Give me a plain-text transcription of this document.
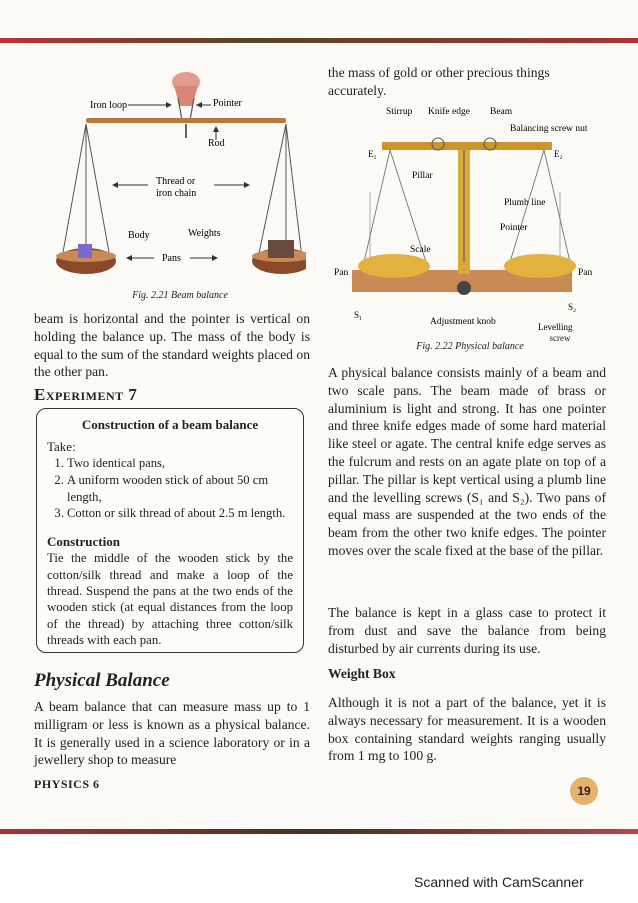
Iron loop	Pointer
Rod
Thread or
iron chain
Body	Weights
Pans

Fig. 2.21 Beam balance

beam is horizontal and the pointer is vertical on holding the balance up. The mass of the body is equal to the sum of the standard weights placed on the other pan.

Experiment 7

Construction of a beam balance
Take:
1. Two identical pans,
2. A uniform wooden stick of about 50 cm length,
3. Cotton or silk thread of about 2.5 m length.
Construction

Tie the middle of the wooden stick by the cotton/silk thread and make a loop of the thread. Suspend the pans at the two ends of the wooden stick (at equal distances from the loop of the thread) by attaching three cotton/silk threads with each pan.

Physical Balance

A beam balance that can measure mass up to 1 milligram or less is known as a physical balance. It is generally used in a science laboratory or in a jewellery shop to measure

PHYSICS 6

the mass of gold or other precious things accurately.

Stirrup Knife edge Beam
Balancing screw nut
E₁	E₂
Pillar
Plumb line
Pointer
Scale
Pan	Pan
S₁
S₂
Adjustment knob	Levelling

screw

Fig. 2.22 Physical balance

A physical balance consists mainly of a beam and two scale pans. The beam made of brass or aluminium is light and strong. It has one pointer and three knife edges made of some hard material like steel or agate. The central knife edge serves as the fulcrum and rests on an agate plate on top of a pillar. The pillar is kept vertical using a plumb line and the levelling screws (S₁ and S₂). Two pans of equal mass are suspended at the two ends of the beam from the other two knife edges. The pointer moves over the scale fixed at the base of the pillar.

The balance is kept in a glass case to protect it from dust and save the balance from being disturbed by air currents during its use.

Weight Box

Although it is not a part of the balance, yet it is always necessary for measurement. It is a wooden box containing standard weights ranging usually from 1 mg to 100 g.

19
Scanned with CamScanner
